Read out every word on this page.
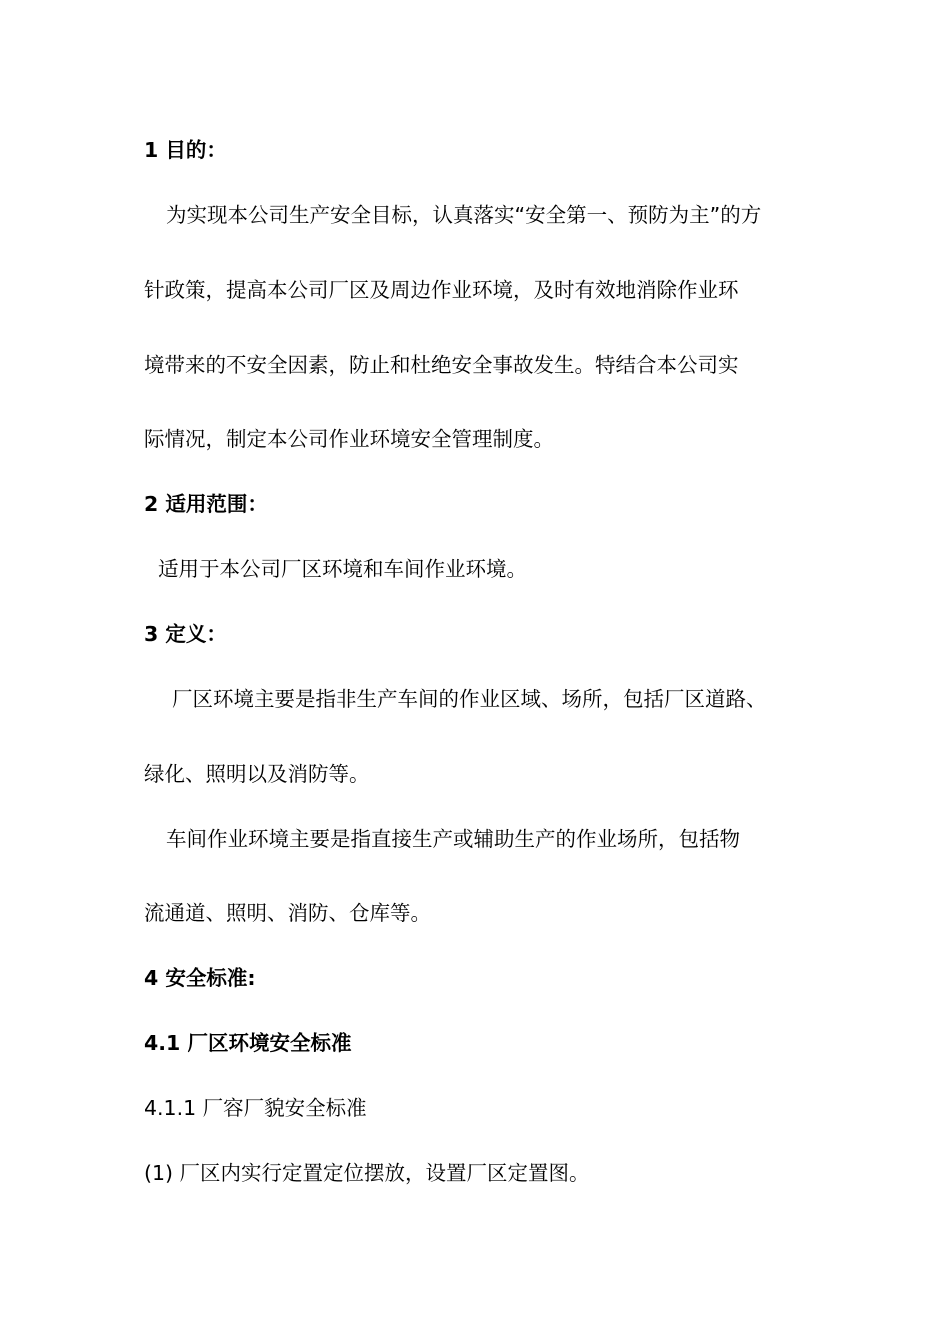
1 目的：
为实现本公司生产安全目标，认真落实“安全第一、预防为主”的方
针政策，提高本公司厂区及周边作业环境，及时有效地消除作业环
境带来的不安全因素，防止和杜绝安全事故发生。特结合本公司实
际情况，制定本公司作业环境安全管理制度。
2 适用范围：
适用于本公司厂区环境和车间作业环境。
3 定义：
厂区环境主要是指非生产车间的作业区域、场所，包括厂区道路、
绿化、照明以及消防等。
车间作业环境主要是指直接生产或辅助生产的作业场所，包括物
流通道、照明、消防、仓库等。
4 安全标准:
4.1 厂区环境安全标准
4.1.1 厂容厂貌安全标准
(1) 厂区内实行定置定位摆放，设置厂区定置图。
